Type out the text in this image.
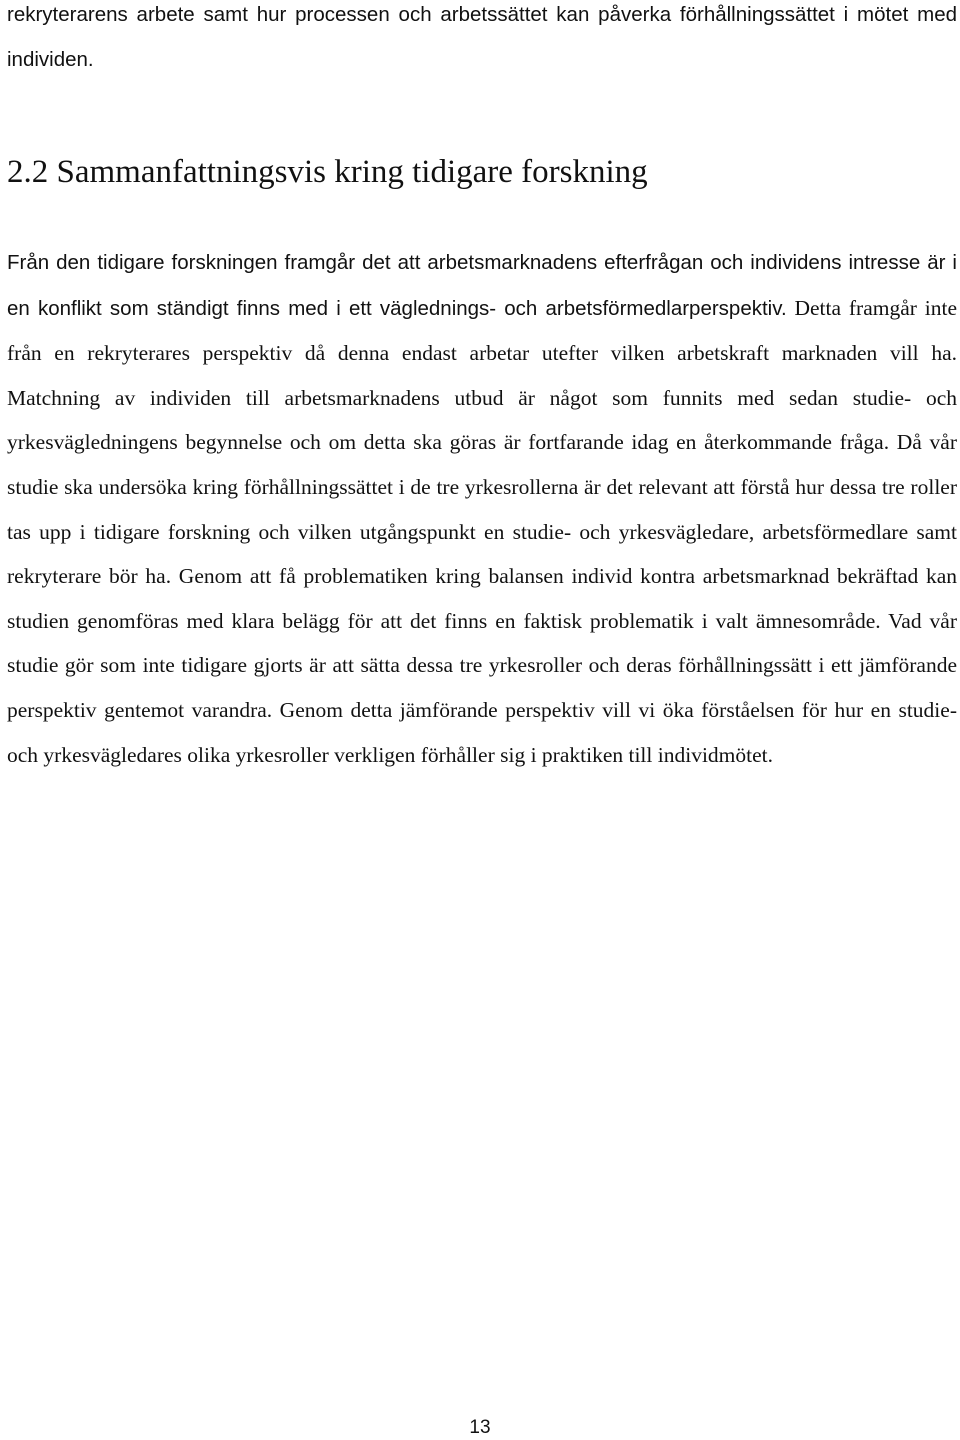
rekryterarens arbete samt hur processen och arbetssättet kan påverka förhållningssättet i mötet med individen.

2.2 Sammanfattningsvis kring tidigare forskning

Från den tidigare forskningen framgår det att arbetsmarknadens efterfrågan och individens intresse är i en konflikt som ständigt finns med i ett väglednings- och arbetsförmedlarperspektiv. Detta framgår inte från en rekryterares perspektiv då denna endast arbetar utefter vilken arbetskraft marknaden vill ha. Matchning av individen till arbetsmarknadens utbud är något som funnits med sedan studie- och yrkesvägledningens begynnelse och om detta ska göras är fortfarande idag en återkommande fråga. Då vår studie ska undersöka kring förhållningssättet i de tre yrkesrollerna är det relevant att förstå hur dessa tre roller tas upp i tidigare forskning och vilken utgångspunkt en studie- och yrkesvägledare, arbetsförmedlare samt rekryterare bör ha. Genom att få problematiken kring balansen individ kontra arbetsmarknad bekräftad kan studien genomföras med klara belägg för att det finns en faktisk problematik i valt ämnesområde. Vad vår studie gör som inte tidigare gjorts är att sätta dessa tre yrkesroller och deras förhållningssätt i ett jämförande perspektiv gentemot varandra. Genom detta jämförande perspektiv vill vi öka förståelsen för hur en studie- och yrkesvägledares olika yrkesroller verkligen förhåller sig i praktiken till individmötet.

13
